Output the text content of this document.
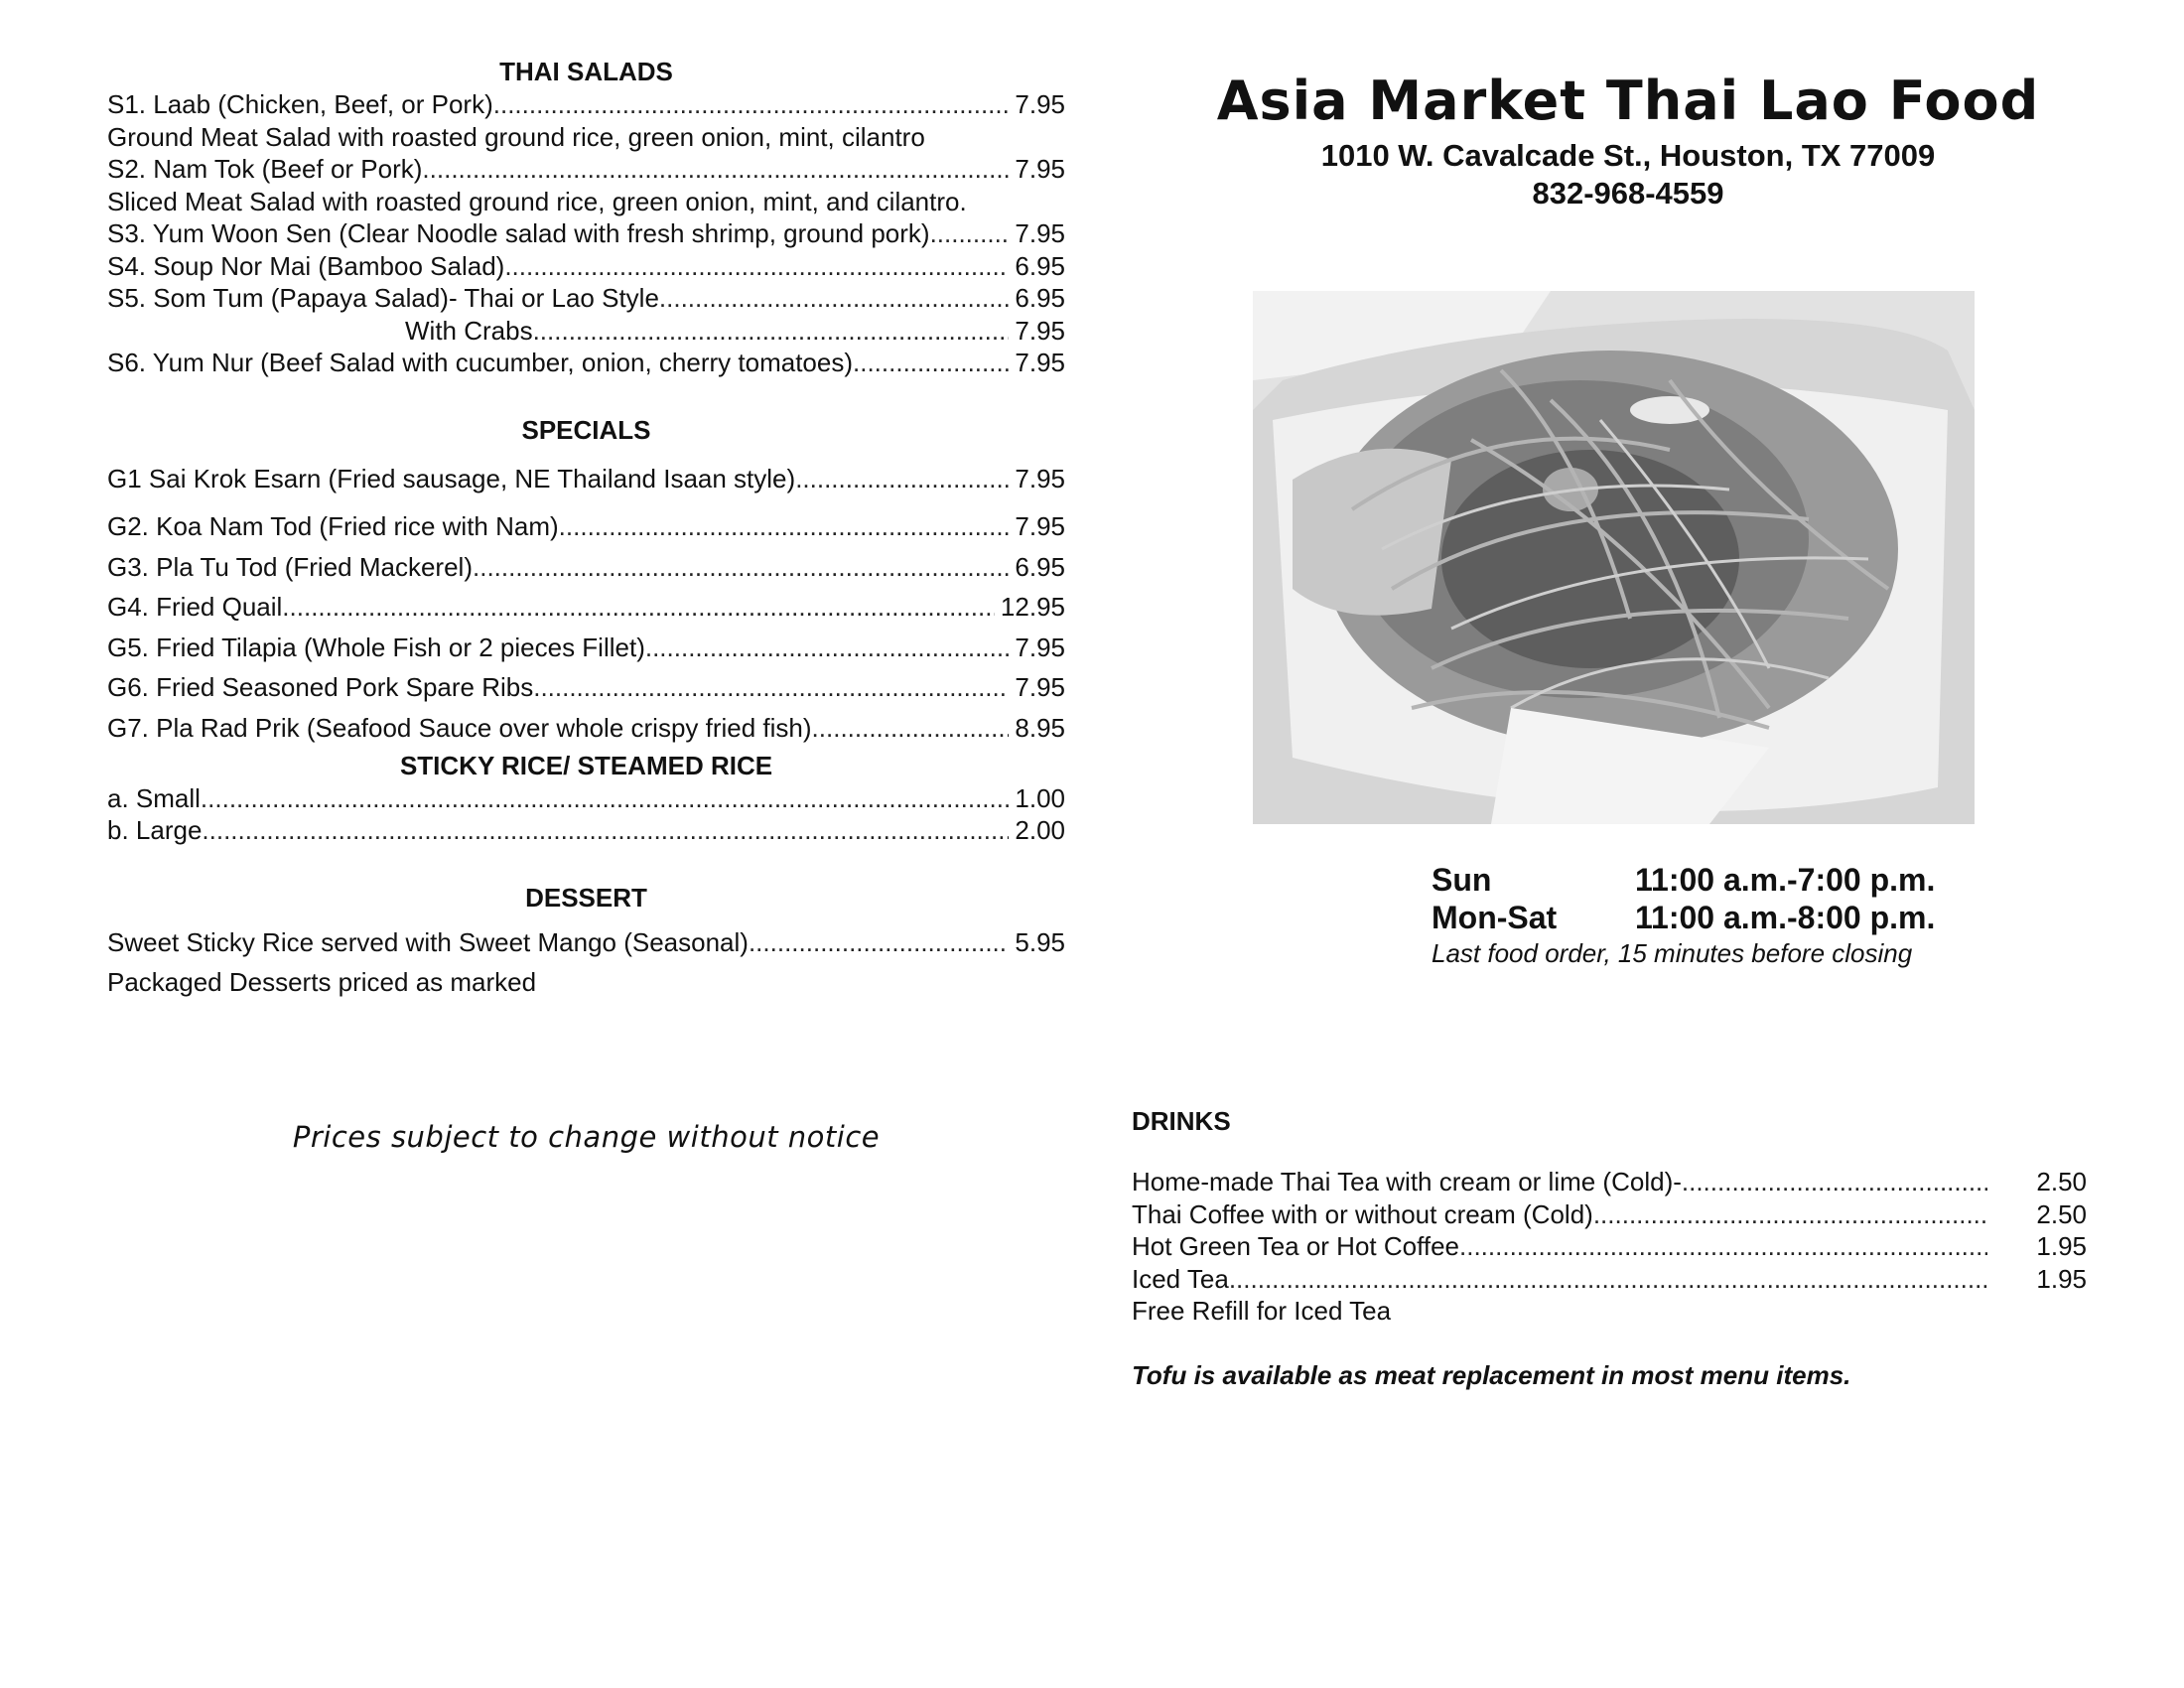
THAI SALADS
S1. Laab (Chicken, Beef, or Pork) .....	7.95
Ground Meat Salad with roasted ground rice, green onion, mint, cilantro
S2. Nam Tok (Beef or Pork) .....	7.95
Sliced Meat Salad with roasted ground rice, green onion, mint, and cilantro.
S3. Yum Woon Sen (Clear Noodle salad with fresh shrimp, ground pork) .....	7.95
S4. Soup Nor Mai (Bamboo Salad) .....	6.95
S5. Som Tum (Papaya Salad)- Thai or Lao Style .....	6.95
With Crabs .....	7.95
S6. Yum Nur (Beef Salad with cucumber, onion, cherry tomatoes) .....	7.95
SPECIALS
G1 Sai Krok Esarn (Fried sausage, NE Thailand Isaan style) .....	7.95
G2. Koa Nam Tod (Fried rice with Nam) .....	7.95
G3. Pla Tu Tod (Fried Mackerel) .....	6.95
G4. Fried Quail .....	12.95
G5. Fried Tilapia (Whole Fish or 2 pieces Fillet) .....	7.95
G6. Fried Seasoned Pork Spare Ribs .....	7.95
G7. Pla Rad Prik (Seafood Sauce over whole crispy fried fish) .....	8.95
STICKY RICE/ STEAMED RICE
a. Small .....	1.00
b. Large .....	2.00
DESSERT
Sweet Sticky Rice served with Sweet Mango (Seasonal) .....	5.95
Packaged Desserts priced as marked
Prices subject to change without notice
Asia Market Thai Lao Food
1010 W. Cavalcade St., Houston, TX 77009
832-968-4559
Sun	11:00 a.m.-7:00 p.m.
Mon-Sat	11:00 a.m.-8:00 p.m.
Last food order, 15 minutes before closing
DRINKS
Home-made Thai Tea with cream or lime (Cold)- .....	2.50
Thai Coffee with or without cream (Cold) .....	2.50
Hot Green Tea or Hot Coffee .....	1.95
Iced Tea .....	1.95
Free Refill for Iced Tea
Tofu is available as meat replacement in most menu items.
